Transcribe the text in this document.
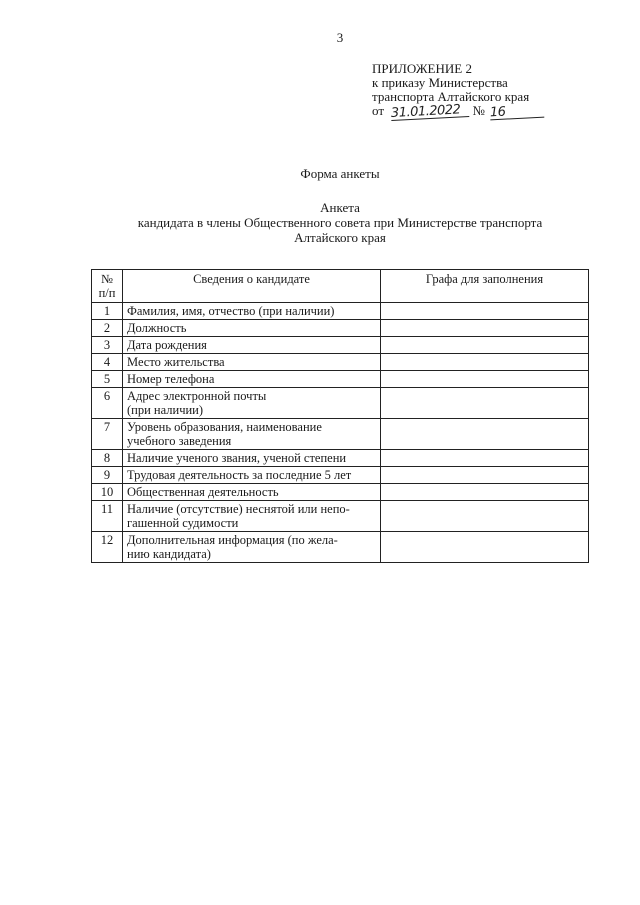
3
ПРИЛОЖЕНИЕ 2
к приказу Министерства
транспорта Алтайского края
от 31.01.2022 № 16
Форма анкеты
Анкета
кандидата в члены Общественного совета при Министерстве транспорта
Алтайского края
№
п/п	Сведения о кандидате	Графа для заполнения
1	Фамилия, имя, отчество (при наличии)	

2	Должность	

3	Дата рождения	

4	Место жительства	

5	Номер телефона	

6	Адрес электронной почты
(при наличии)	

7	Уровень образования, наименование
учебного заведения	

8	Наличие ученого звания, ученой степени	

9	Трудовая деятельность за последние 5 лет	

10	Общественная деятельность	

11	Наличие (отсутствие) неснятой или непо-
гашенной судимости	

12	Дополнительная информация (по жела-
нию кандидата)	
